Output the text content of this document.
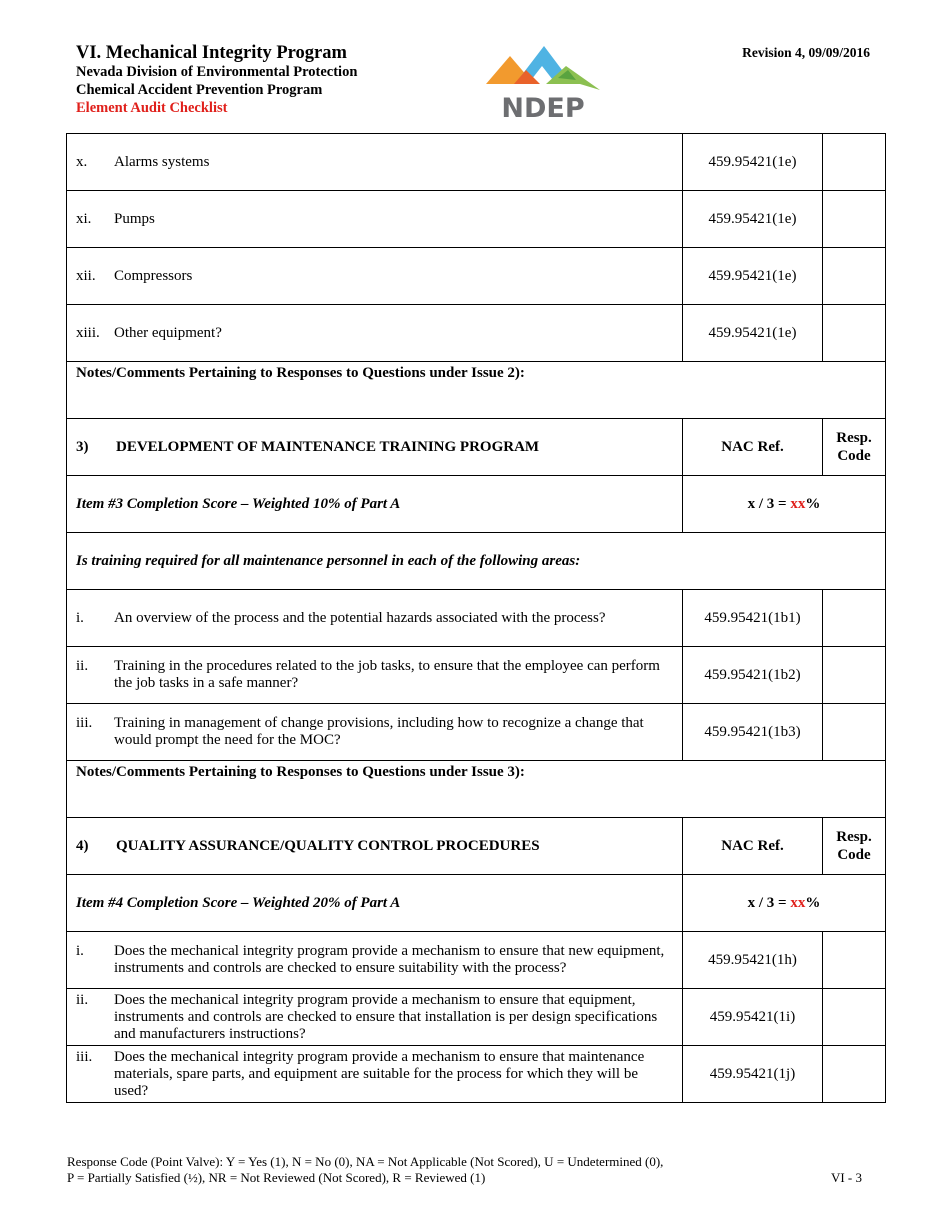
VI. Mechanical Integrity Program
Nevada Division of Environmental Protection
Chemical Accident Prevention Program
Element Audit Checklist	NDEP
Revision 4, 09/09/2016
x. Alarms systems	459.95421(1e)	
xi. Pumps	459.95421(1e)	
xii. Compressors	459.95421(1e)	
xiii. Other equipment?	459.95421(1e)	
Notes/Comments Pertaining to Responses to Questions under Issue 2):		
3) DEVELOPMENT OF MAINTENANCE TRAINING PROGRAM	NAC Ref.	Resp.
Code
Item #3 Completion Score – Weighted 10% of Part A	x / 3 = xx%	
Is training required for all maintenance personnel in each of the following areas:		
i. An overview of the process and the potential hazards associated with the process?	459.95421(1b1)	
ii. Training in the procedures related to the job tasks, to ensure that the employee can perform the job tasks in a safe manner?	459.95421(1b2)	
iii. Training in management of change provisions, including how to recognize a change that would prompt the need for the MOC?	459.95421(1b3)	
Notes/Comments Pertaining to Responses to Questions under Issue 3):		
4) QUALITY ASSURANCE/QUALITY CONTROL PROCEDURES	NAC Ref.	Resp.
Code
Item #4 Completion Score – Weighted 20% of Part A	x / 3 = xx%	
i. Does the mechanical integrity program provide a mechanism to ensure that new equipment, instruments and controls are checked to ensure suitability with the process?	459.95421(1h)	
ii. Does the mechanical integrity program provide a mechanism to ensure that equipment, instruments and controls are checked to ensure that installation is per design specifications and manufacturers instructions?	459.95421(1i)	
iii. Does the mechanical integrity program provide a mechanism to ensure that maintenance materials, spare parts, and equipment are suitable for the process for which they will be used?	459.95421(1j)	
Response Code (Point Valve): Y = Yes (1), N = No (0), NA = Not Applicable (Not Scored), U = Undetermined (0),
P = Partially Satisfied (½), NR = Not Reviewed (Not Scored), R = Reviewed (1)	VI - 3
